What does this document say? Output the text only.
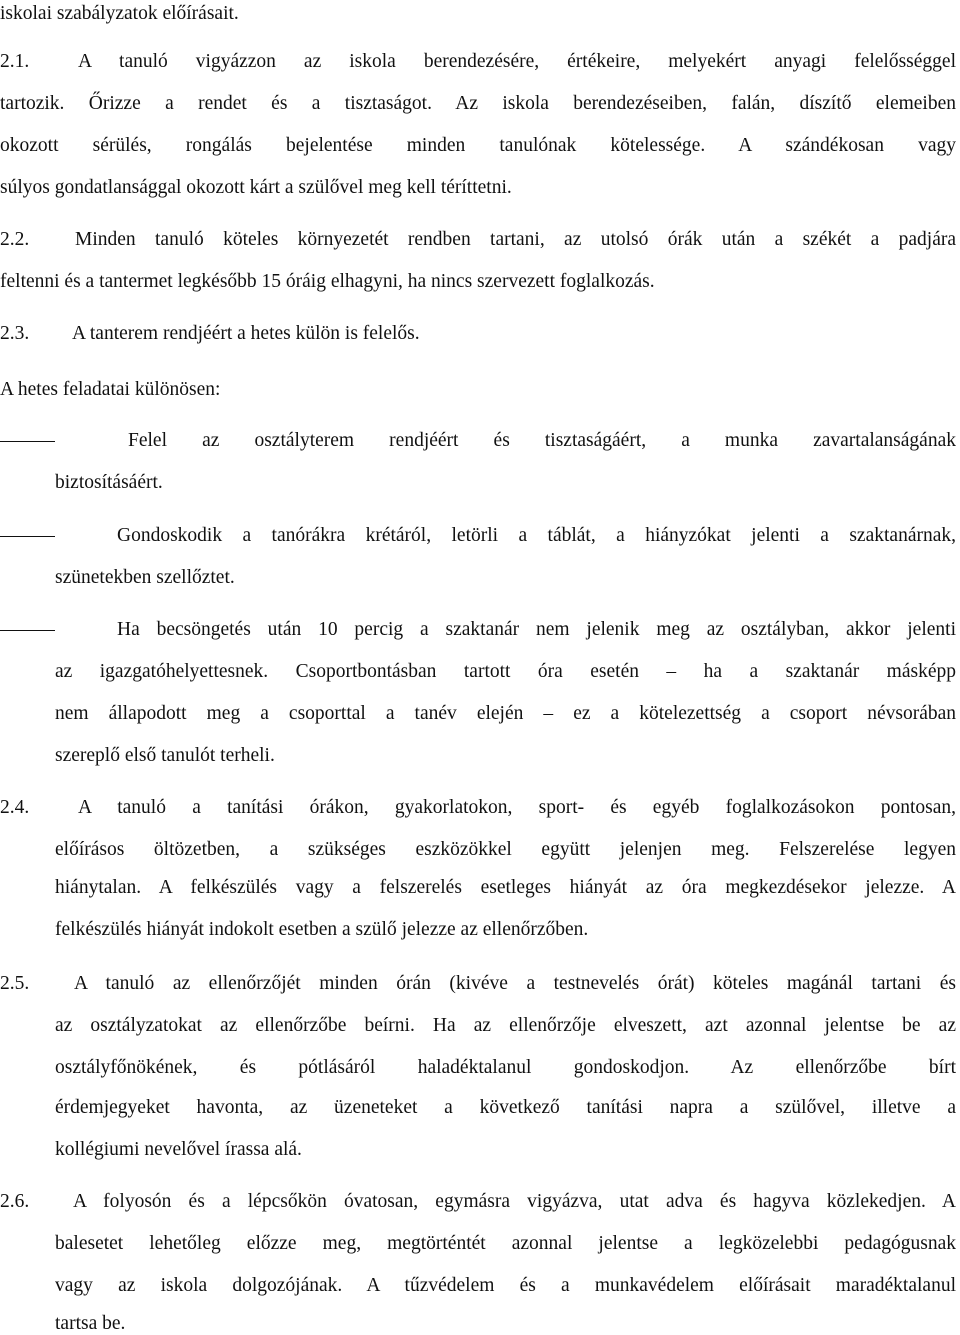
iskolai szabályzatok előírásait.
2.1.	A tanuló vigyázzon az iskola berendezésére, értékeire, melyekért anyagi felelősséggel
tartozik. Őrizze a rendet és a tisztaságot. Az iskola berendezéseiben, falán, díszítő elemeiben
okozott sérülés, rongálás bejelentése minden tanulónak kötelessége. A szándékosan vagy
súlyos gondatlansággal okozott kárt a szülővel meg kell téríttetni.
2.2. Minden tanuló köteles környezetét rendben tartani, az utolsó órák után a székét a padjára
feltenni és a tantermet legkésőbb 15 óráig elhagyni, ha nincs szervezett foglalkozás.
2.3. A tanterem rendjéért a hetes külön is felelős.
A hetes feladatai különösen:
Felel az osztályterem rendjéért és tisztaságáért, a munka zavartalanságának
biztosításáért.
Gondoskodik a tanórákra krétáról, letörli a táblát, a hiányzókat jelenti a szaktanárnak,
szünetekben szellőztet.
Ha becsöngetés után 10 percig a szaktanár nem jelenik meg az osztályban, akkor jelenti
az igazgatóhelyettesnek. Csoportbontásban tartott óra esetén – ha a szaktanár másképp
nem állapodott meg a csoporttal a tanév elején – ez a kötelezettség a csoport névsorában
szereplő első tanulót terheli.
2.4.	A tanuló a tanítási órákon, gyakorlatokon, sport- és egyéb foglalkozásokon pontosan,
előírásos öltözetben, a szükséges eszközökkel együtt jelenjen meg. Felszerelése legyen
hiánytalan. A felkészülés vagy a felszerelés esetleges hiányát az óra megkezdésekor jelezze. A
felkészülés hiányát indokolt esetben a szülő jelezze az ellenőrzőben.
2.5. A tanuló az ellenőrzőjét minden órán (kivéve a testnevelés órát) köteles magánál tartani és
az osztályzatokat az ellenőrzőbe beírni. Ha az ellenőrzője elveszett, azt azonnal jelentse be az
osztályfőnökének, és pótlásáról haladéktalanul gondoskodjon. Az ellenőrzőbe bírt
érdemjegyeket havonta, az üzeneteket a következő tanítási napra a szülővel, illetve a
kollégiumi nevelővel írassa alá.
2.6. A folyosón és a lépcsőkön óvatosan, egymásra vigyázva, utat adva és hagyva közlekedjen. A
balesetet lehetőleg előzze meg, megtörténtét azonnal jelentse a legközelebbi pedagógusnak
vagy az iskola dolgozójának. A tűzvédelem és a munkavédelem előírásait maradéktalanul
tartsa be.
